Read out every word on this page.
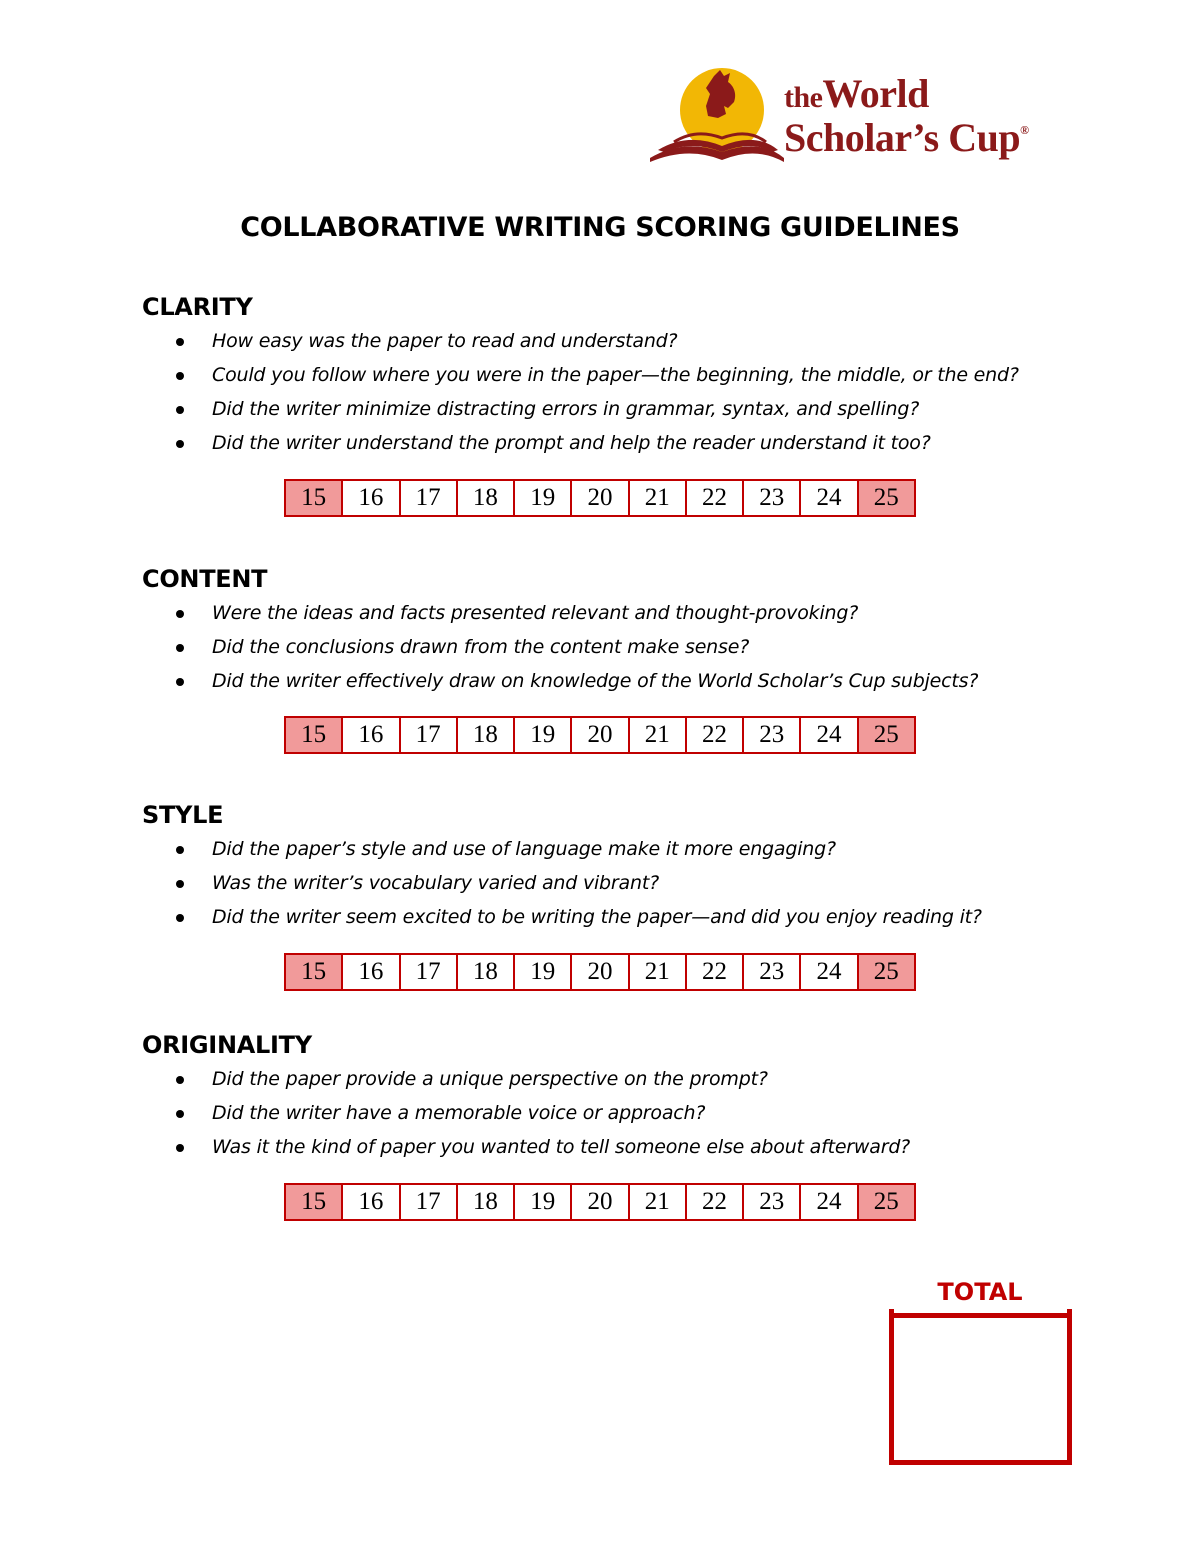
theWorld
Scholar’s Cup®
COLLABORATIVE WRITING SCORING GUIDELINES
CLARITY
How easy was the paper to read and understand?
Could you follow where you were in the paper—the beginning, the middle, or the end?
Did the writer minimize distracting errors in grammar, syntax, and spelling?
Did the writer understand the prompt and help the reader understand it too?
15	16	17	18	19	20	21	22	23	24	25
CONTENT
Were the ideas and facts presented relevant and thought-provoking?
Did the conclusions drawn from the content make sense?
Did the writer effectively draw on knowledge of the World Scholar’s Cup subjects?
15	16	17	18	19	20	21	22	23	24	25
STYLE
Did the paper’s style and use of language make it more engaging?
Was the writer’s vocabulary varied and vibrant?
Did the writer seem excited to be writing the paper—and did you enjoy reading it?
15	16	17	18	19	20	21	22	23	24	25
ORIGINALITY
Did the paper provide a unique perspective on the prompt?
Did the writer have a memorable voice or approach?
Was it the kind of paper you wanted to tell someone else about afterward?
15	16	17	18	19	20	21	22	23	24	25
TOTAL
